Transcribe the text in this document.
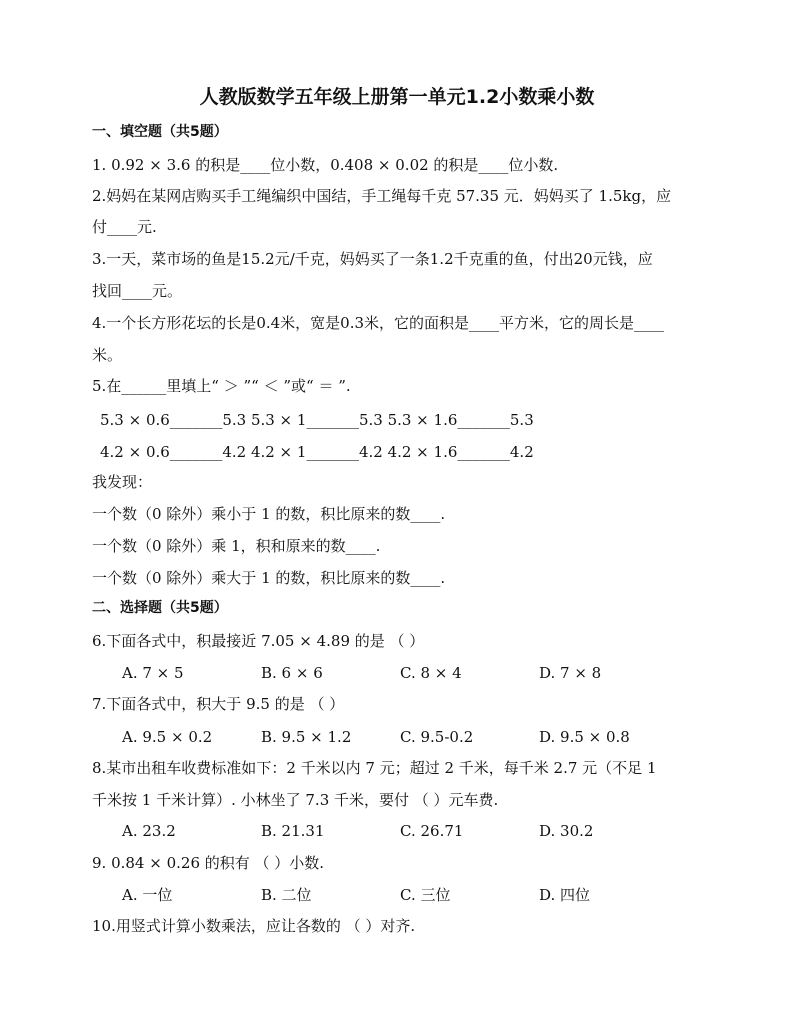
人教版数学五年级上册第一单元1.2小数乘小数
一、填空题（共5题）
1. 0.92 × 3.6 的积是____位小数，0.408 × 0.02 的积是____位小数.
2.妈妈在某网店购买手工绳编织中国结，手工绳每千克 57.35 元．妈妈买了 1.5kg，应
付____元.
3.一天，菜市场的鱼是15.2元/千克，妈妈买了一条1.2千克重的鱼，付出20元钱，应
找回____元。
4.一个长方形花坛的长是0.4米，宽是0.3米，它的面积是____平方米，它的周长是____
米。
5.在______里填上“ ＞ ”“ ＜ ”或“ ＝ ”.
5.3 × 0.6_______5.3 5.3 × 1_______5.3 5.3 × 1.6_______5.3
4.2 × 0.6_______4.2 4.2 × 1_______4.2 4.2 × 1.6_______4.2
我发现：
一个数（0 除外）乘小于 1 的数，积比原来的数____.
一个数（0 除外）乘 1，积和原来的数____.
一个数（0 除外）乘大于 1 的数，积比原来的数____.
二、选择题（共5题）
6.下面各式中，积最接近 7.05 × 4.89 的是 （ ）
A. 7 × 5	B. 6 × 6	C. 8 × 4	D. 7 × 8
7.下面各式中，积大于 9.5 的是 （ ）
A. 9.5 × 0.2	B. 9.5 × 1.2	C. 9.5-0.2	D. 9.5 × 0.8
8.某市出租车收费标准如下：2 千米以内 7 元；超过 2 千米，每千米 2.7 元（不足 1
千米按 1 千米计算）. 小林坐了 7.3 千米，要付 （ ）元车费.
A. 23.2	B. 21.31	C. 26.71	D. 30.2
9. 0.84 × 0.26 的积有 （ ）小数.
A. 一位	B. 二位	C. 三位	D. 四位
10.用竖式计算小数乘法，应让各数的 （ ）对齐.
